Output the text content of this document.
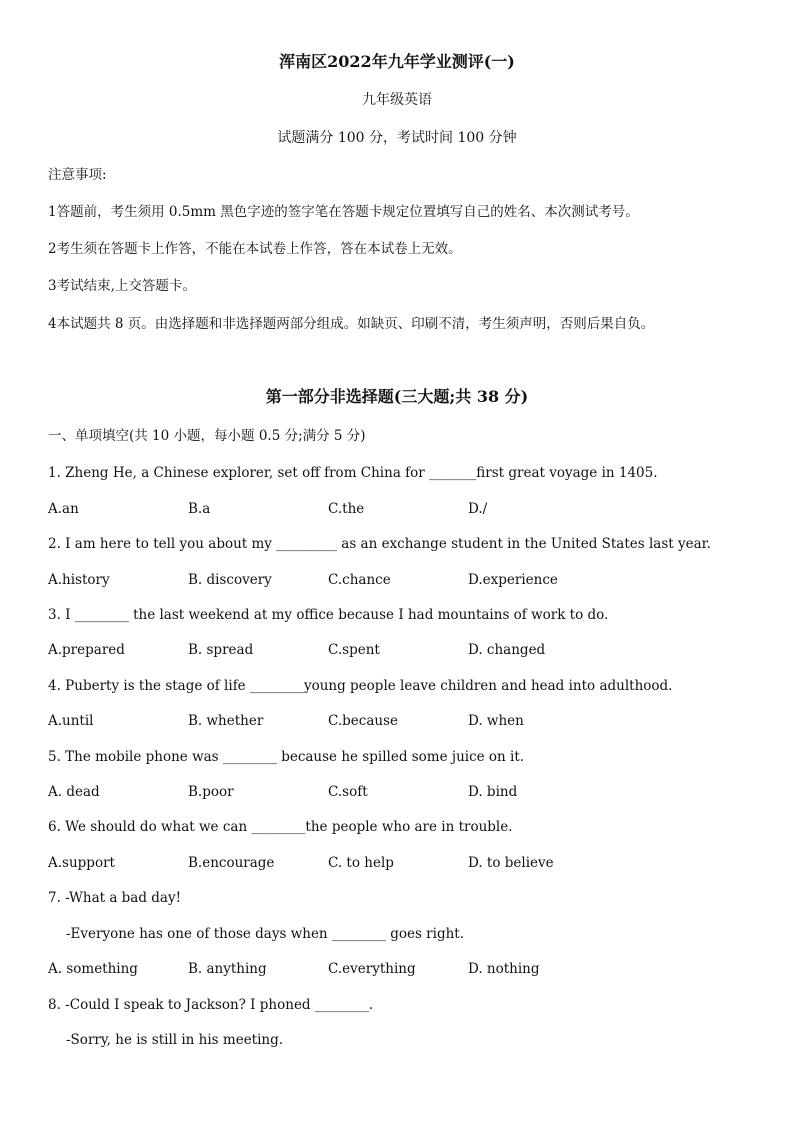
浑南区2022年九年学业测评(一)
九年级英语
试题满分 100 分，考试时间 100 分钟
注意事项:
1答题前，考生须用 0.5mm 黑色字迹的签字笔在答题卡规定位置填写自己的姓名、本次测试考号。
2考生须在答题卡上作答，不能在本试卷上作答，答在本试卷上无效。
3考试结束,上交答题卡。
4本试题共 8 页。由选择题和非选择题两部分组成。如缺页、印刷不清，考生须声明，否则后果自负。
第一部分非选择题(三大题;共 38 分)
一、单项填空(共 10 小题，每小题 0.5 分;满分 5 分)
1. Zheng He, a Chinese explorer, set off from China for _______first great voyage in 1405.
A.an	B.a	C.the	D./
2. I am here to tell you about my _________ as an exchange student in the United States last year.
A.history	B. discovery	C.chance	D.experience
3. I ________ the last weekend at my office because I had mountains of work to do.
A.prepared	B. spread	C.spent	D. changed
4. Puberty is the stage of life ________young people leave children and head into adulthood.
A.until	B. whether	C.because	D. when
5. The mobile phone was ________ because he spilled some juice on it.
A. dead	B.poor	C.soft	D. bind
6. We should do what we can ________the people who are in trouble.
A.support	B.encourage	C. to help	D. to believe
7. -What a bad day!
-Everyone has one of those days when ________ goes right.
A. something	B. anything	C.everything	D. nothing
8. -Could I speak to Jackson? I phoned ________.
-Sorry, he is still in his meeting.
